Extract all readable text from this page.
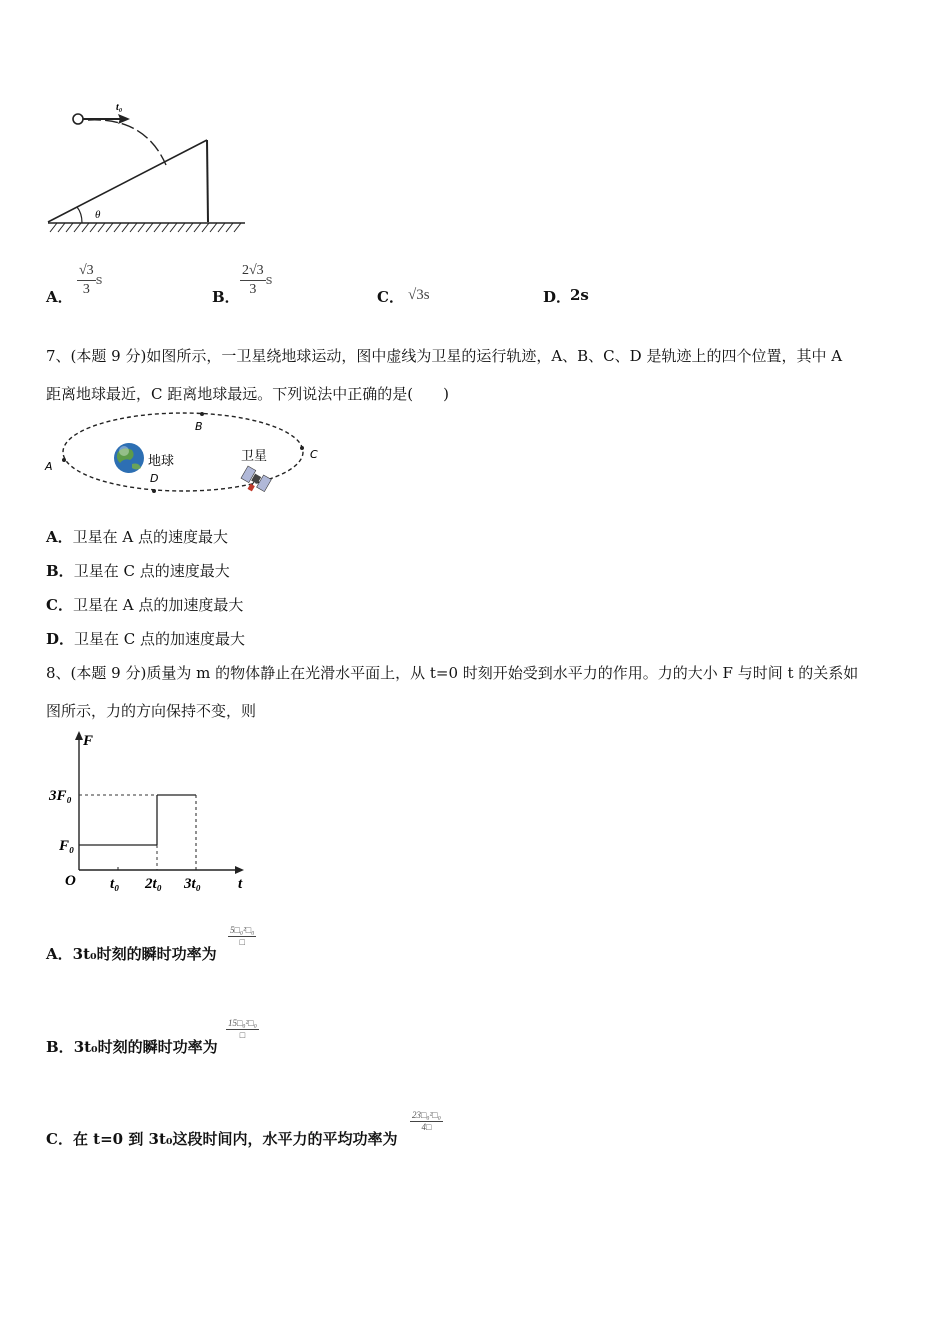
t₀
θ
A． $\frac{√3}{3}$ s
B． $\frac{2√3}{3}$ s
C． √3s	D．
2s
7、(本题 9 分)如图所示，一卫星绕地球运动，图中虚线为卫星的运行轨迹，A、B、C、D 是轨迹上的四个位置，其中 A
距离地球最近，C 距离地球最远。下列说法中正确的是(　　)
B
A
C
D
地球	卫星
A．卫星在 A 点的速度最大
B．卫星在 C 点的速度最大
C．卫星在 A 点的加速度最大
D．卫星在 C 点的加速度最大
8、(本题 9 分)质量为 m 的物体静止在光滑水平面上，从 t=0 时刻开始受到水平力的作用。力的大小 F 与时间 t 的关系如
图所示，力的方向保持不变，则
F
t
O t₀ 2t₀ 3t₀
F₀
3F₀
A．3t₀时刻的瞬时功率为
5□₀²□₀
□
B．3t₀时刻的瞬时功率为
15□₀²□₀
□
C．在 t=0 到 3t₀这段时间内，水平力的平均功率为
$\frac{\text{23□₀²□₀}}{4□}$
